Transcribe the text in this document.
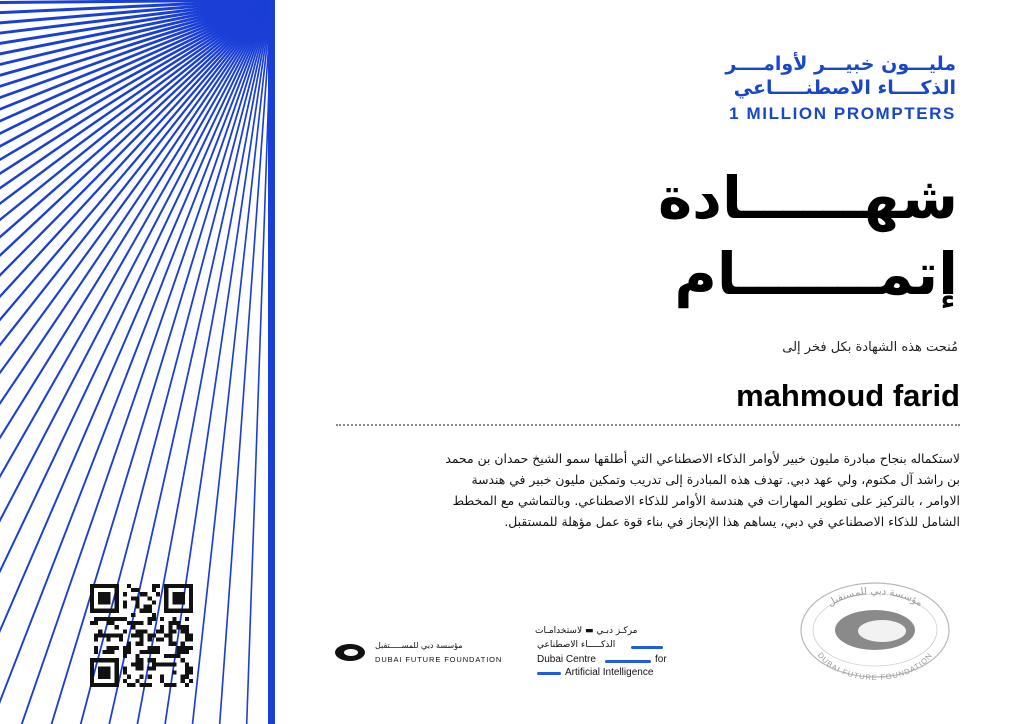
مليـــون خبيـــر لأوامــــر
الذكــــاء الاصطنـــــاعي
1 MILLION PROMPTERS
شهــــــادة
إتمـــــــام
مُنحت هذه الشهادة بكل فخر إلى
mahmoud farid
لاستكماله بنجاح مبادرة مليون خبير لأوامر الذكاء الاصطناعي التي أطلقها سمو الشيخ حمدان بن محمد بن راشد آل مكتوم، ولي عهد دبي. تهدف هذه المبادرة إلى تدريب وتمكين مليون خبير في هندسة الاوامر ، بالتركيز على تطوير المهارات في هندسة الأوامر للذكاء الاصطناعي. وبالتماشي مع المخطط الشامل للذكاء الاصطناعي في دبي، يساهم هذا الإنجاز في بناء قوة عمل مؤهلة للمستقبل.
مؤسسة دبي للمســـــتقبل
DUBAI FUTURE FOUNDATION
مركـز دبـي ▬ لاستخدامـات
الذكـــــاء الاصطناعي
Dubai Centre	for
Artificial Intelligence
مؤسسة دبي للمستقبل
DUBAI FUTURE FOUNDATION
